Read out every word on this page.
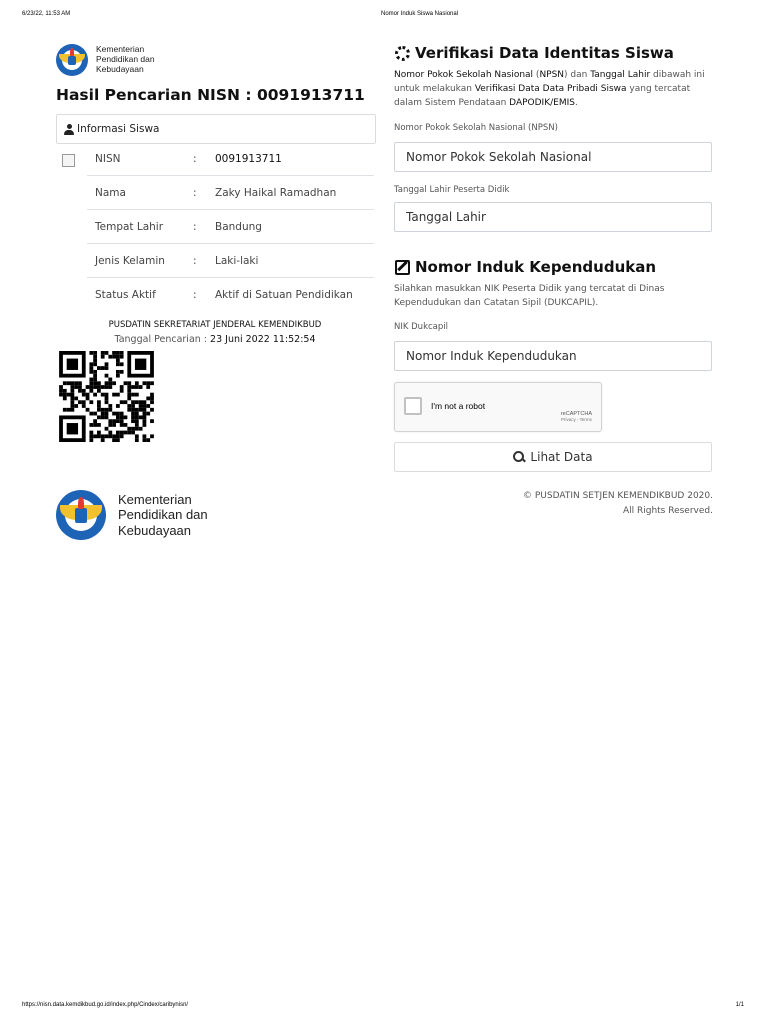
6/23/22, 11:53 AM	Nomor Induk Siswa Nasional
Kementerian
Pendidikan dan
Kebudayaan
Hasil Pencarian NISN : 0091913711
Informasi Siswa
NISN	:	0091913711
Nama	:	Zaky Haikal Ramadhan
Tempat Lahir	:	Bandung
Jenis Kelamin	:	Laki-laki
Status Aktif	:	Aktif di Satuan Pendidikan
PUSDATIN SEKRETARIAT JENDERAL KEMENDIKBUD
Tanggal Pencarian : 23 Juni 2022 11:52:54
Kementerian
Pendidikan dan
Kebudayaan
Verifikasi Data Identitas Siswa
Nomor Pokok Sekolah Nasional (NPSN) dan Tanggal Lahir dibawah ini untuk melakukan Verifikasi Data Data Pribadi Siswa yang tercatat dalam Sistem Pendataan DAPODIK/EMIS.
Nomor Pokok Sekolah Nasional (NPSN)
Nomor Pokok Sekolah Nasional
Tanggal Lahir Peserta Didik
Tanggal Lahir
Nomor Induk Kependudukan
Silahkan masukkan NIK Peserta Didik yang tercatat di Dinas Kependudukan dan Catatan Sipil (DUKCAPIL).
NIK Dukcapil
Nomor Induk Kependudukan
I'm not a robot
reCAPTCHA
Privacy - Terms
Lihat Data
© PUSDATIN SETJEN KEMENDIKBUD 2020.
All Rights Reserved.
https://nisn.data.kemdikbud.go.id/index.php/Cindex/caribynisn/	1/1
